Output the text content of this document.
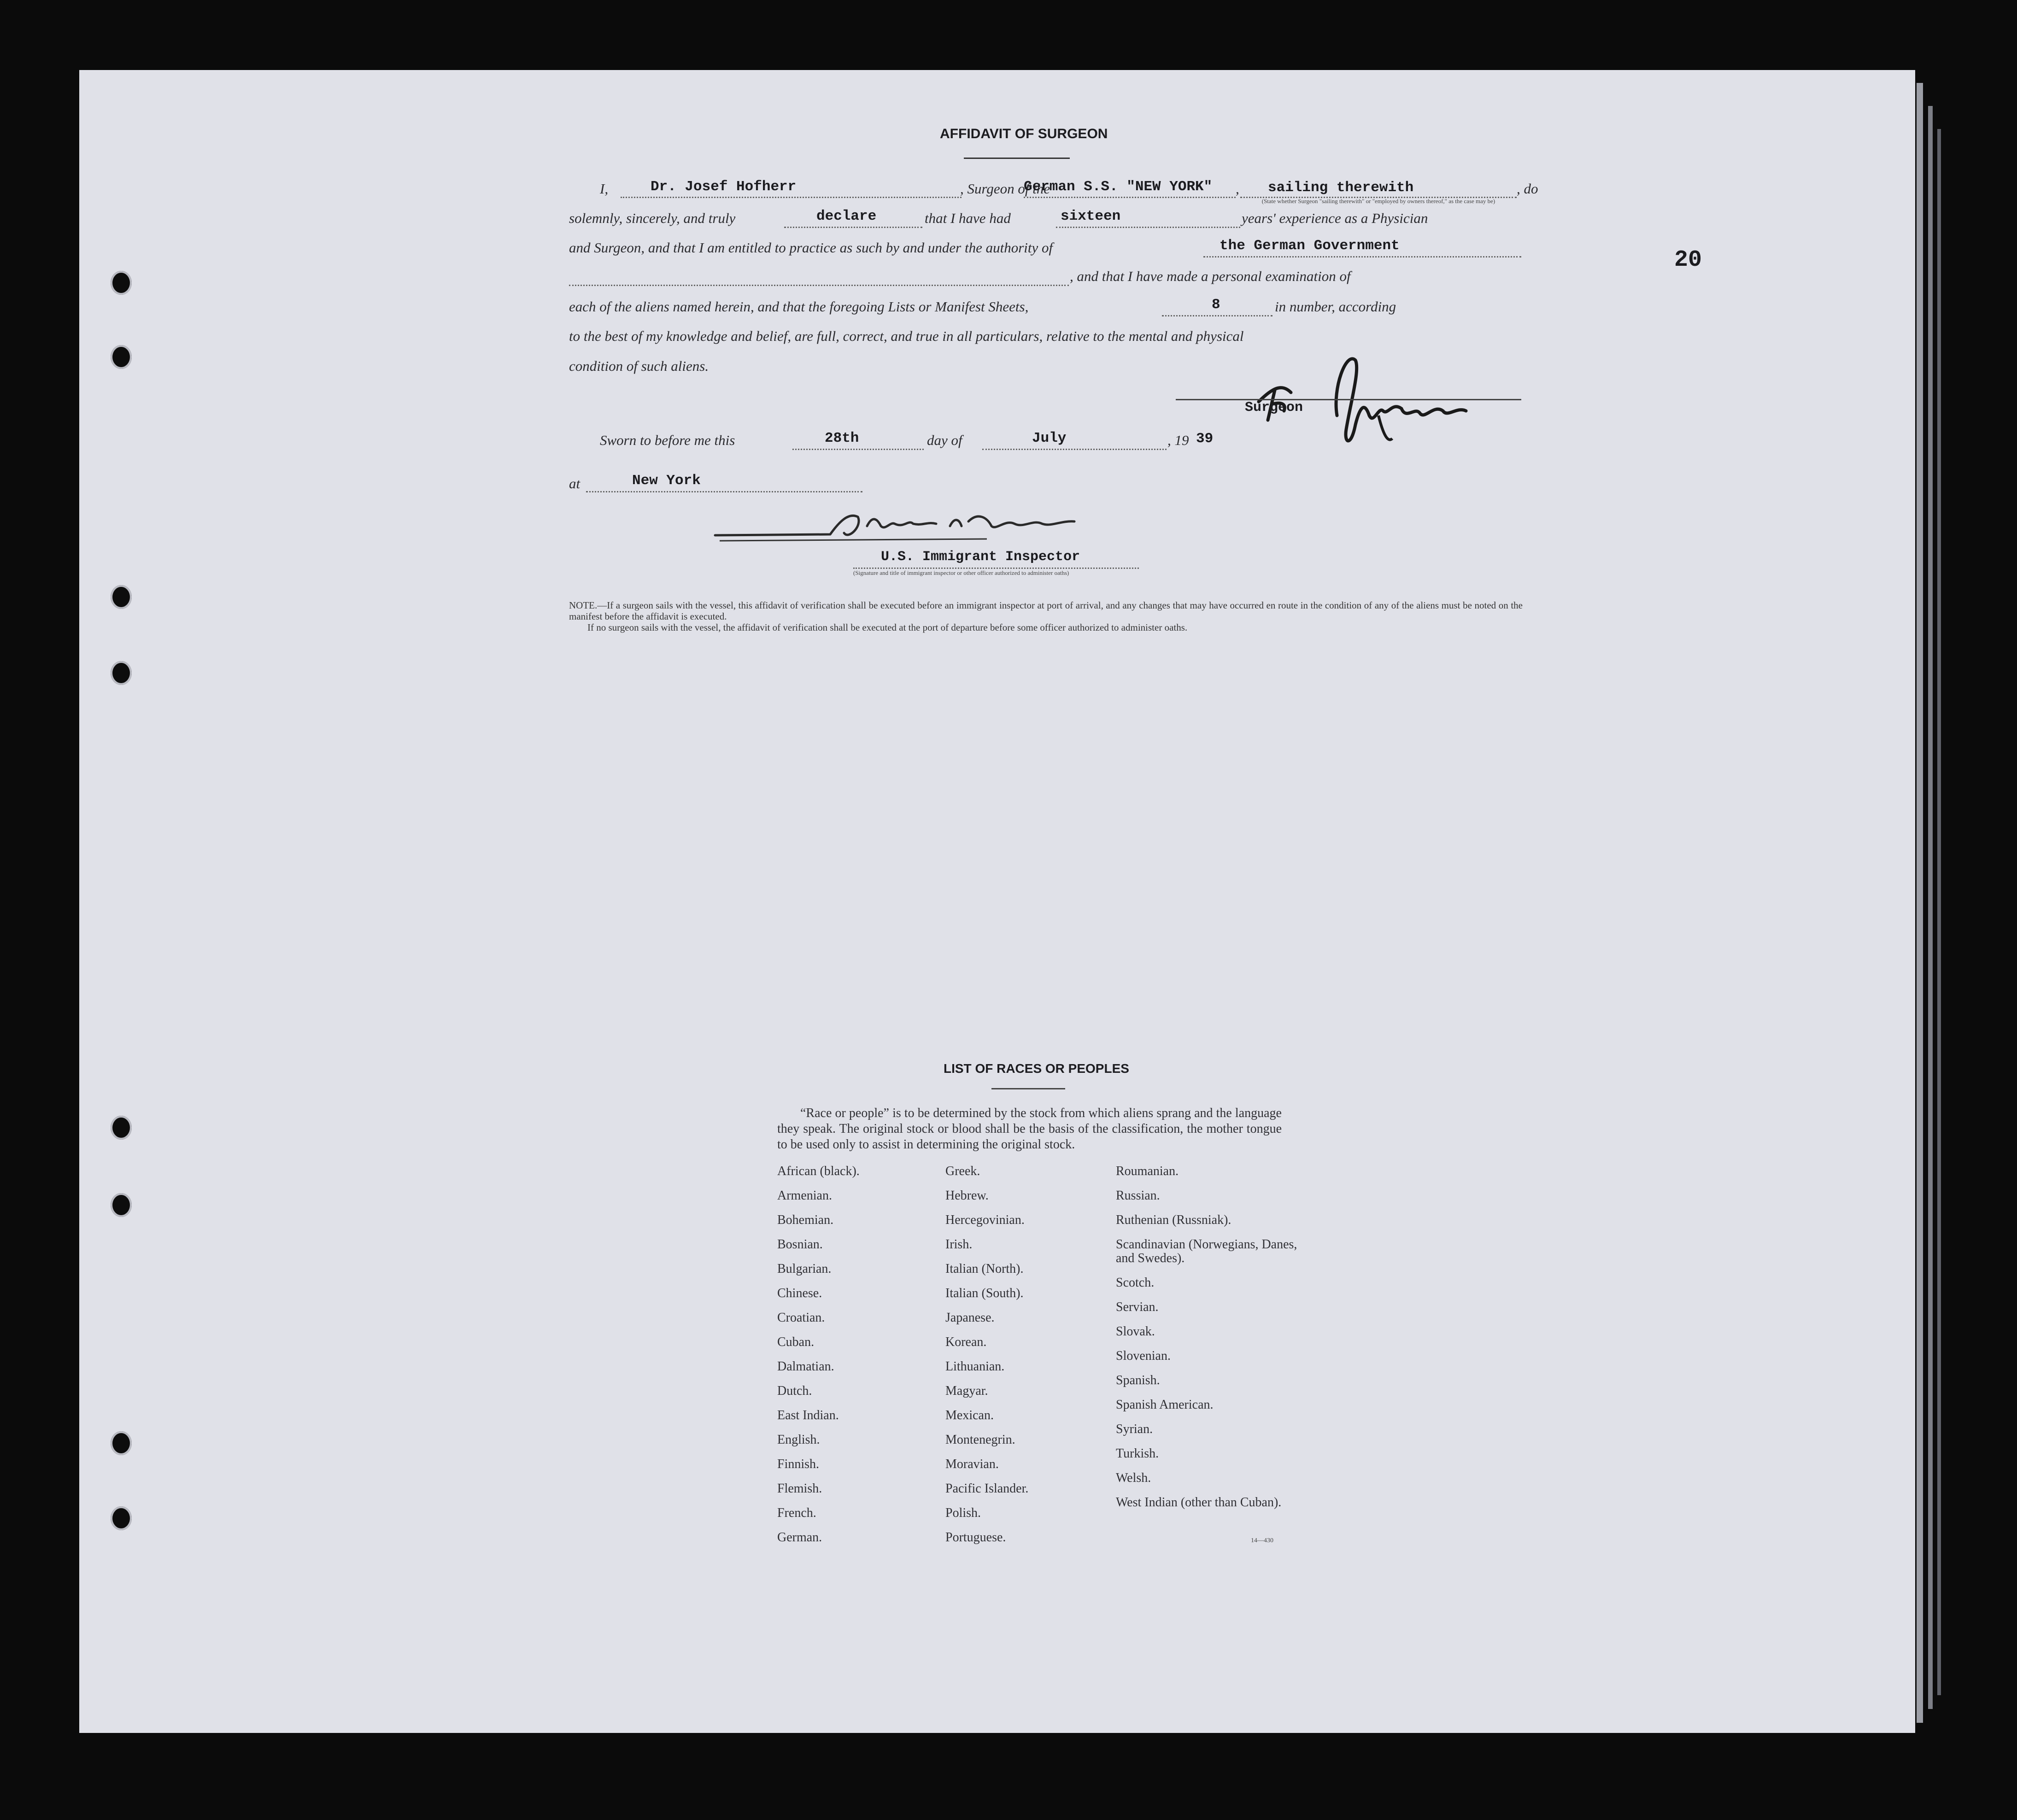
20
AFFIDAVIT OF SURGEON
I,	Dr. Josef Hofherr	, Surgeon of the
German S.S. "NEW YORK" , sailing therewith	, do
(State whether Surgeon "sailing therewith" or "employed by owners thereof," as the case may be)
solemnly, sincerely, and truly	declare	that I have had	sixteen	years' experience as a Physician
and Surgeon, and that I am entitled to practice as such by and under the authority of	the German Government
, and that I have made a personal examination of
each of the aliens named herein, and that the foregoing Lists or Manifest Sheets,	8	in number, according
to the best of my knowledge and belief, are full, correct, and true in all particulars, relative to the mental and physical
condition of such aliens.
Surgeon
Sworn to before me this	28th	day of	July	, 19 39
at	New York
U.S. Immigrant Inspector
(Signature and title of immigrant inspector or other officer authorized to administer oaths)
NOTE.—If a surgeon sails with the vessel, this affidavit of verification shall be executed before an immigrant inspector at port of arrival, and any changes that may have occurred en route in the condition of any of the aliens must be noted on the manifest before the affidavit is executed.
If no surgeon sails with the vessel, the affidavit of verification shall be executed at the port of departure before some officer authorized to administer oaths.
LIST OF RACES OR PEOPLES
“Race or people” is to be determined by the stock from which aliens sprang and the language they speak. The original stock or blood shall be the basis of the classification, the mother tongue to be used only to assist in determining the original stock.
African (black).
Armenian.
Bohemian.
Bosnian.
Bulgarian.
Chinese.
Croatian.
Cuban.
Dalmatian.
Dutch.
East Indian.
English.
Finnish.
Flemish.
French.
German.
Greek.
Hebrew.
Hercegovinian.
Irish.
Italian (North).
Italian (South).
Japanese.
Korean.
Lithuanian.
Magyar.
Mexican.
Montenegrin.
Moravian.
Pacific Islander.
Polish.
Portuguese.
Roumanian.
Russian.
Ruthenian (Russniak).
Scandinavian (Norwegians, Danes, and Swedes).
Scotch.
Servian.
Slovak.
Slovenian.
Spanish.
Spanish American.
Syrian.
Turkish.
Welsh.
West Indian (other than Cuban).
14—430
